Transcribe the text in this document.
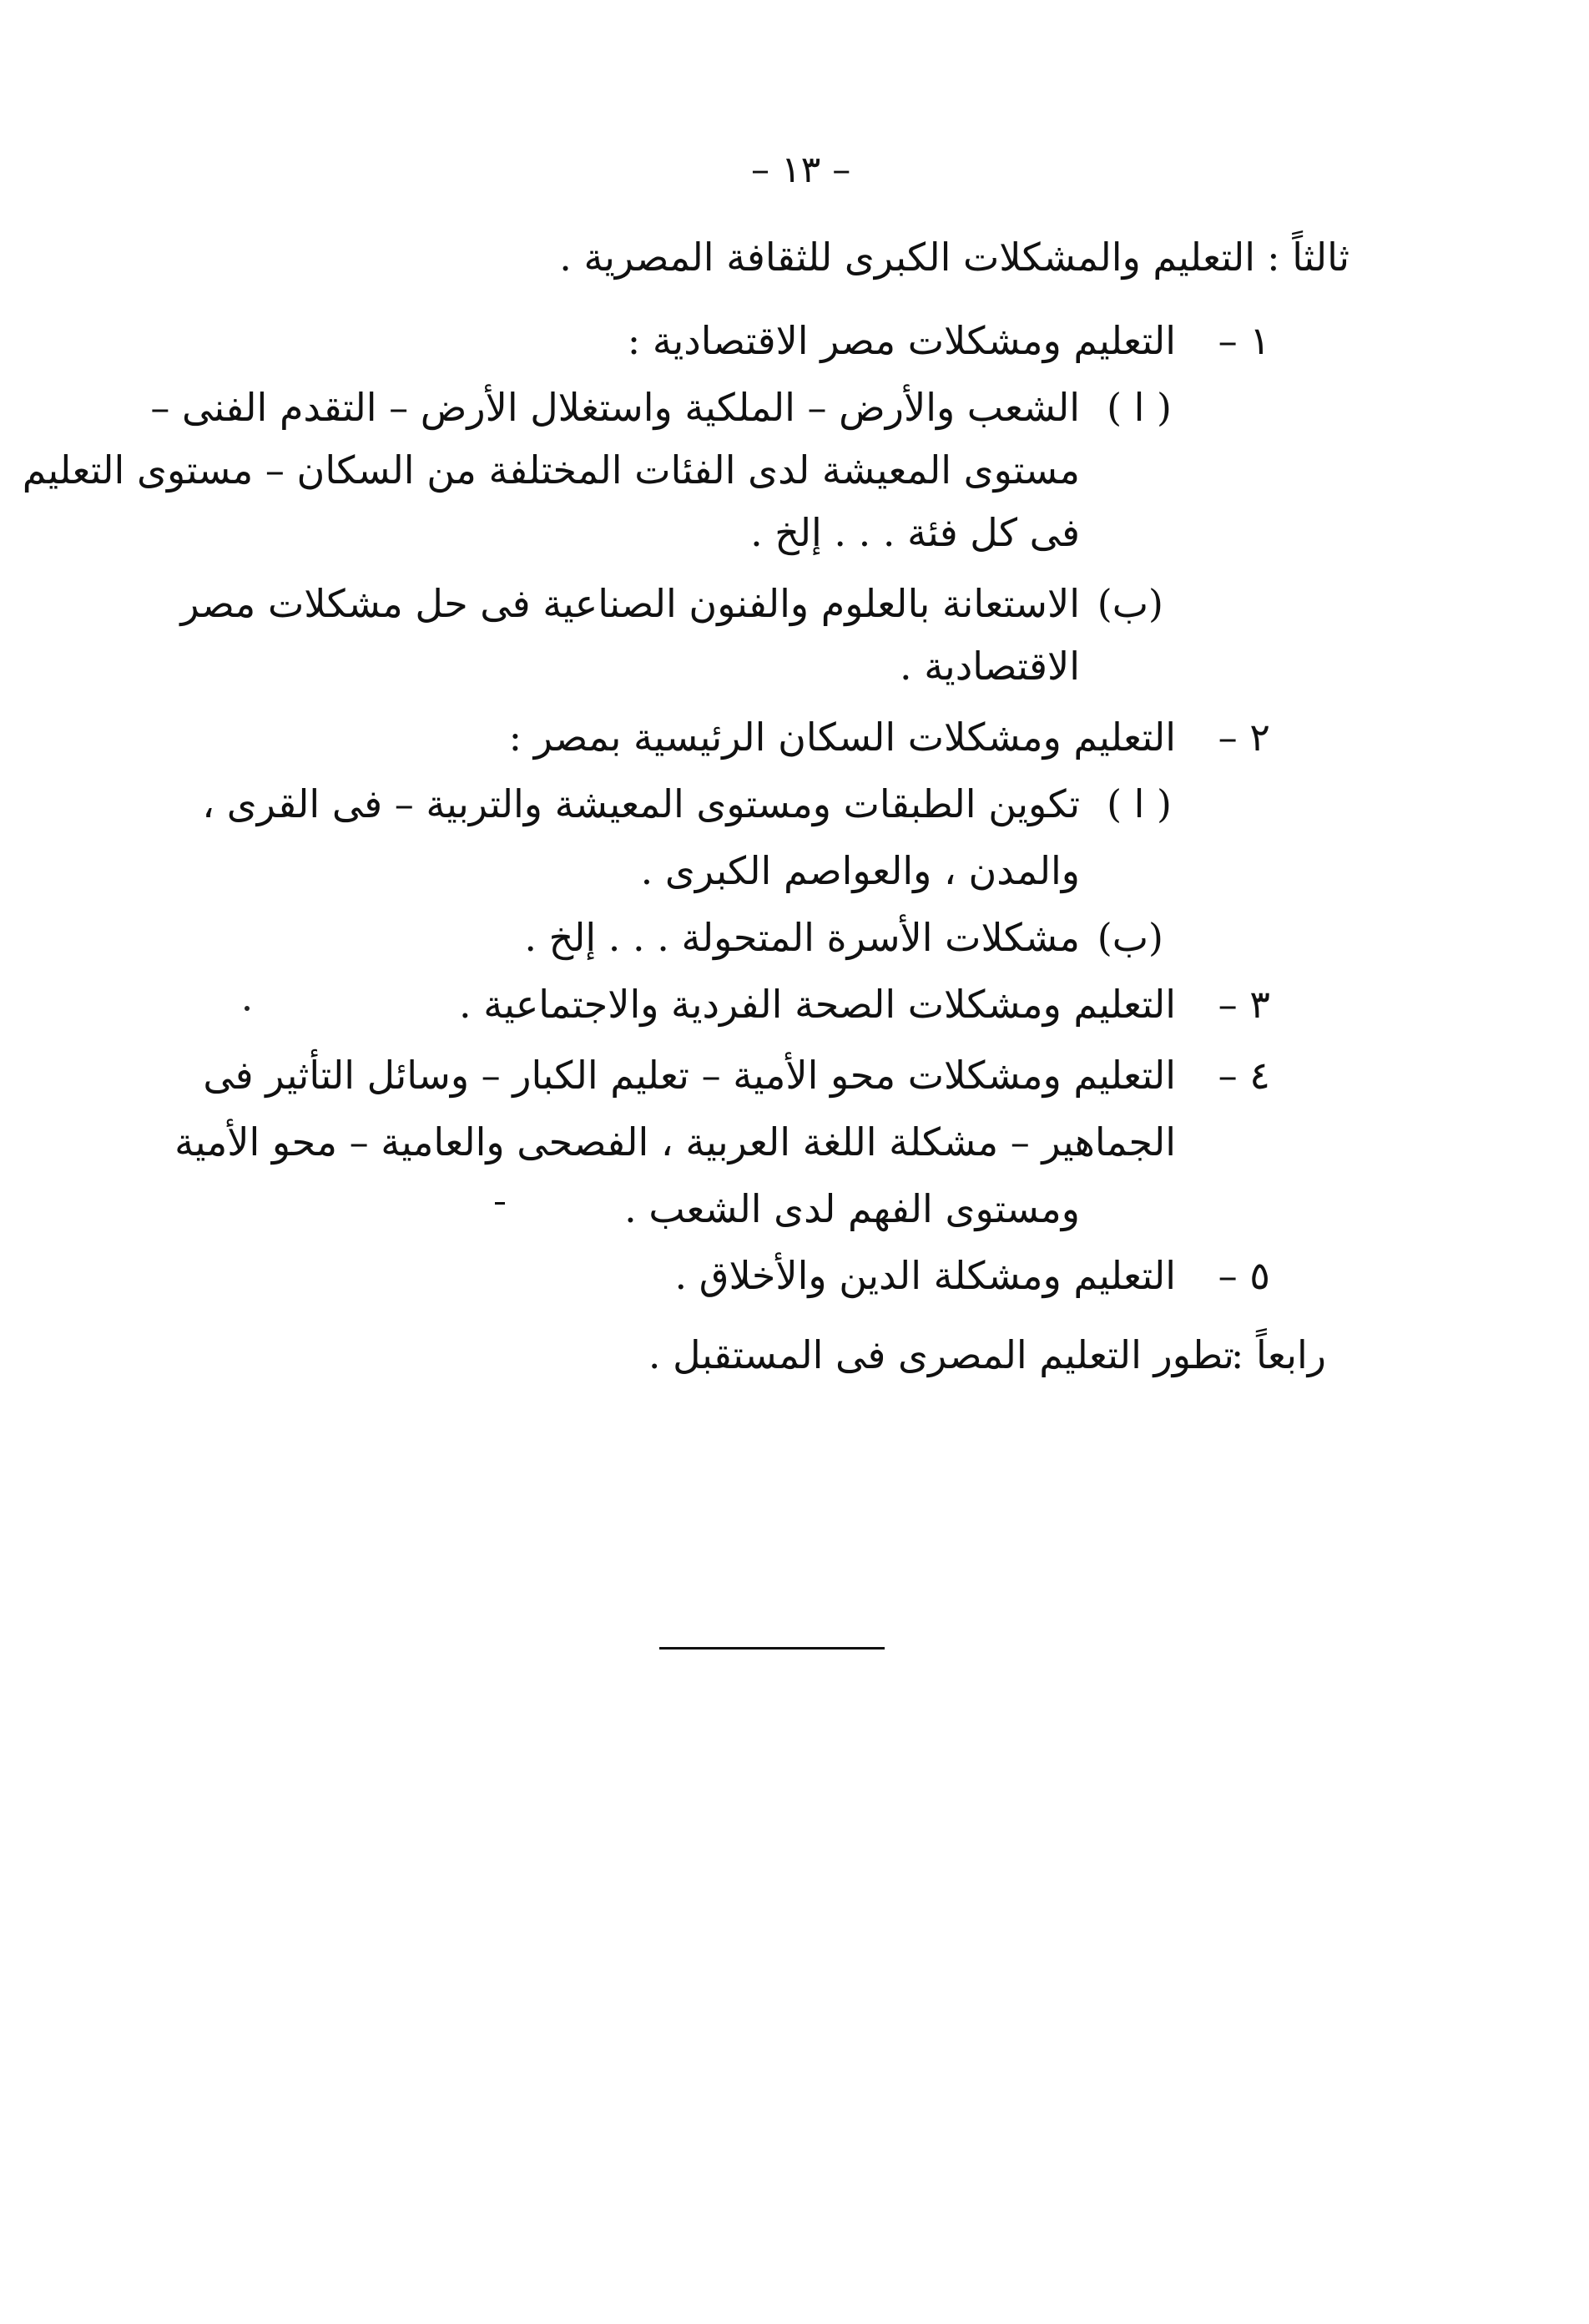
– ١٣ –
ثالثاً :
التعليم والمشكلات الكبرى للثقافة المصرية .
١ –
التعليم ومشكلات مصر الاقتصادية :
( ا )
الشعب والأرض – الملكية واستغلال الأرض – التقدم الفنى –
مستوى المعيشة لدى الفئات المختلفة من السكان – مستوى التعليم
فى كل فئة . . . إلخ .
(ب)
الاستعانة بالعلوم والفنون الصناعية فى حل مشكلات مصر
الاقتصادية .
٢ –
التعليم ومشكلات السكان الرئيسية بمصر :
( ا )
تكوين الطبقات ومستوى المعيشة والتربية – فى القرى ،
والمدن ، والعواصم الكبرى .
(ب)
مشكلات الأسرة المتحولة . . . إلخ .
٣ –
التعليم ومشكلات الصحة الفردية والاجتماعية .
٤ –
التعليم ومشكلات محو الأمية – تعليم الكبار – وسائل التأثير فى
الجماهير – مشكلة اللغة العربية ، الفصحى والعامية – محو الأمية
ومستوى الفهم لدى الشعب .
٥ –
التعليم ومشكلة الدين والأخلاق .
رابعاً :
تطور التعليم المصرى فى المستقبل .
